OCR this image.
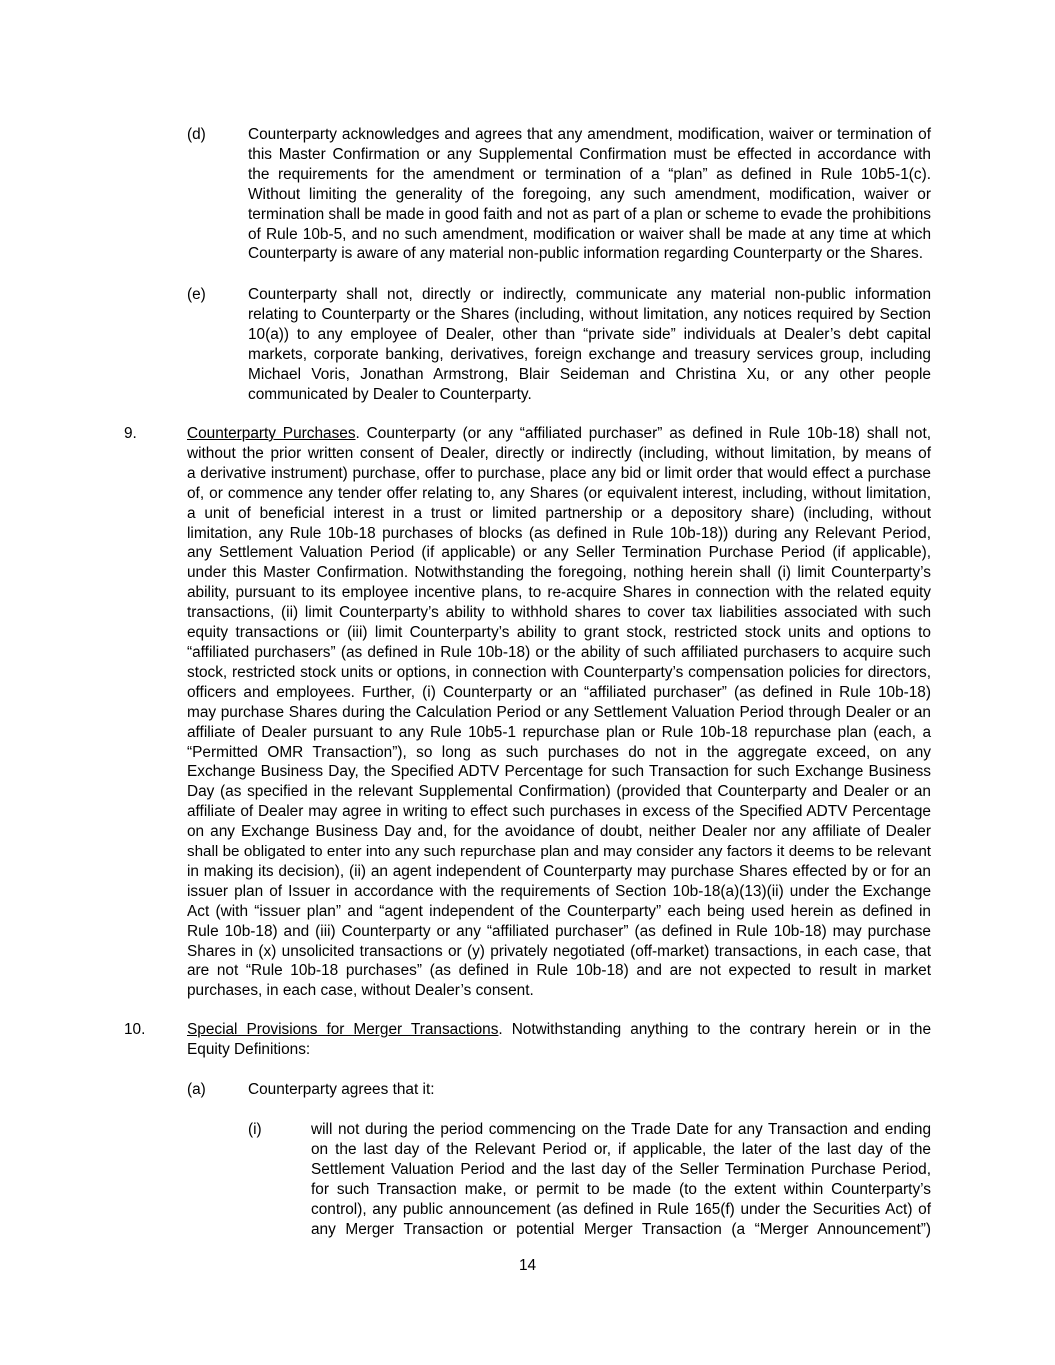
(d)	Counterparty acknowledges and agrees that any amendment, modification, waiver or termination of
this Master Confirmation or any Supplemental Confirmation must be effected in accordance with
the requirements for the amendment or termination of a “plan” as defined in Rule 10b5-1(c).
Without limiting the generality of the foregoing, any such amendment, modification, waiver or
termination shall be made in good faith and not as part of a plan or scheme to evade the prohibitions
of Rule 10b-5, and no such amendment, modification or waiver shall be made at any time at which
Counterparty is aware of any material non-public information regarding Counterparty or the Shares.
(e)	Counterparty shall not, directly or indirectly, communicate any material non-public information
relating to Counterparty or the Shares (including, without limitation, any notices required by Section
10(a)) to any employee of Dealer, other than “private side” individuals at Dealer’s debt capital
markets, corporate banking, derivatives, foreign exchange and treasury services group, including
Michael Voris, Jonathan Armstrong, Blair Seideman and Christina Xu, or any other people
communicated by Dealer to Counterparty.
9.	Counterparty Purchases. Counterparty (or any “affiliated purchaser” as defined in Rule 10b-18) shall not,
without the prior written consent of Dealer, directly or indirectly (including, without limitation, by means of
a derivative instrument) purchase, offer to purchase, place any bid or limit order that would effect a purchase
of, or commence any tender offer relating to, any Shares (or equivalent interest, including, without limitation,
a unit of beneficial interest in a trust or limited partnership or a depository share) (including, without
limitation, any Rule 10b-18 purchases of blocks (as defined in Rule 10b-18)) during any Relevant Period,
any Settlement Valuation Period (if applicable) or any Seller Termination Purchase Period (if applicable),
under this Master Confirmation. Notwithstanding the foregoing, nothing herein shall (i) limit Counterparty’s
ability, pursuant to its employee incentive plans, to re-acquire Shares in connection with the related equity
transactions, (ii) limit Counterparty’s ability to withhold shares to cover tax liabilities associated with such
equity transactions or (iii) limit Counterparty’s ability to grant stock, restricted stock units and options to
“affiliated purchasers” (as defined in Rule 10b-18) or the ability of such affiliated purchasers to acquire such
stock, restricted stock units or options, in connection with Counterparty’s compensation policies for directors,
officers and employees. Further, (i) Counterparty or an “affiliated purchaser” (as defined in Rule 10b-18)
may purchase Shares during the Calculation Period or any Settlement Valuation Period through Dealer or an
affiliate of Dealer pursuant to any Rule 10b5-1 repurchase plan or Rule 10b-18 repurchase plan (each, a
“Permitted OMR Transaction”), so long as such purchases do not in the aggregate exceed, on any
Exchange Business Day, the Specified ADTV Percentage for such Transaction for such Exchange Business
Day (as specified in the relevant Supplemental Confirmation) (provided that Counterparty and Dealer or an
affiliate of Dealer may agree in writing to effect such purchases in excess of the Specified ADTV Percentage
on any Exchange Business Day and, for the avoidance of doubt, neither Dealer nor any affiliate of Dealer
shall be obligated to enter into any such repurchase plan and may consider any factors it deems to be relevant
in making its decision), (ii) an agent independent of Counterparty may purchase Shares effected by or for an
issuer plan of Issuer in accordance with the requirements of Section 10b-18(a)(13)(ii) under the Exchange
Act (with “issuer plan” and “agent independent of the Counterparty” each being used herein as defined in
Rule 10b-18) and (iii) Counterparty or any “affiliated purchaser” (as defined in Rule 10b-18) may purchase
Shares in (x) unsolicited transactions or (y) privately negotiated (off-market) transactions, in each case, that
are not “Rule 10b-18 purchases” (as defined in Rule 10b-18) and are not expected to result in market
purchases, in each case, without Dealer’s consent.
10.	Special Provisions for Merger Transactions. Notwithstanding anything to the contrary herein or in the
Equity Definitions:
(a)	Counterparty agrees that it:
(i)	will not during the period commencing on the Trade Date for any Transaction and ending
on the last day of the Relevant Period or, if applicable, the later of the last day of the
Settlement Valuation Period and the last day of the Seller Termination Purchase Period,
for such Transaction make, or permit to be made (to the extent within Counterparty’s
control), any public announcement (as defined in Rule 165(f) under the Securities Act) of
any Merger Transaction or potential Merger Transaction (a “Merger Announcement”)
14
